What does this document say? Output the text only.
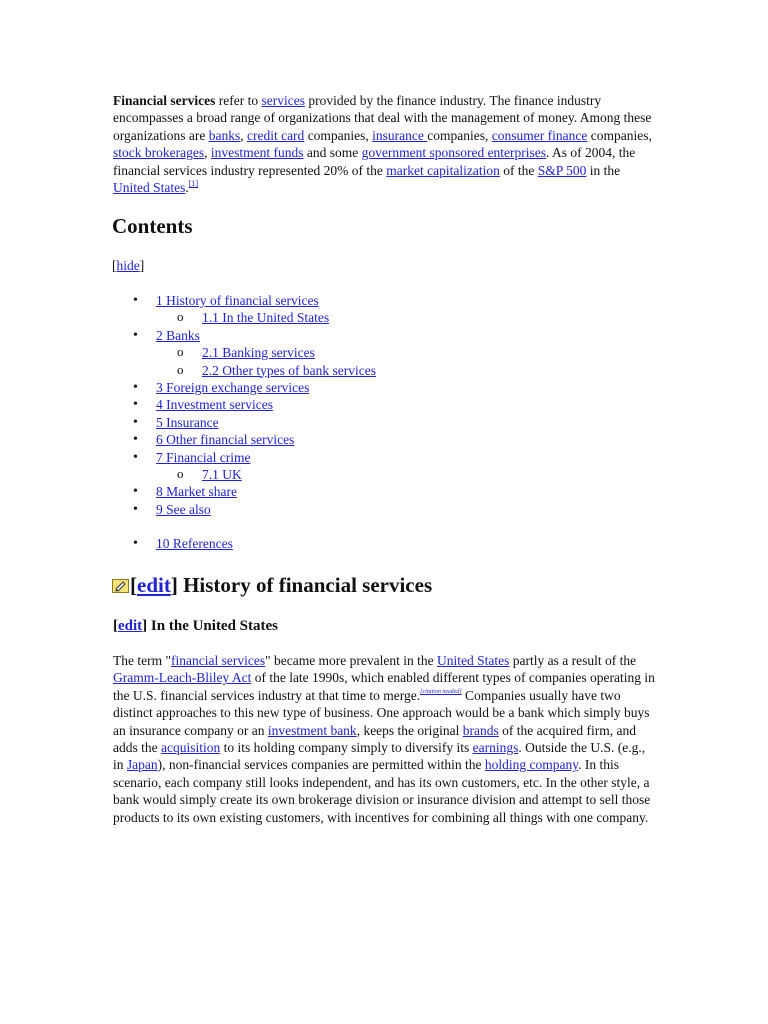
Financial services refer to services provided by the finance industry. The finance industry encompasses a broad range of organizations that deal with the management of money. Among these organizations are banks, credit card companies, insurance companies, consumer finance companies, stock brokerages, investment funds and some government sponsored enterprises. As of 2004, the financial services industry represented 20% of the market capitalization of the S&P 500 in the United States.[1]

Contents
[hide]
• 1 History of financial services
o 1.1 In the United States
• 2 Banks
o 2.1 Banking services
o 2.2 Other types of bank services
• 3 Foreign exchange services
• 4 Investment services
• 5 Insurance
• 6 Other financial services
• 7 Financial crime
o 7.1 UK
• 8 Market share
• 9 See also
• 10 References
[edit] History of financial services
[edit] In the United States

The term "financial services" became more prevalent in the United States partly as a result of the Gramm-Leach-Bliley Act of the late 1990s, which enabled different types of companies operating in the U.S. financial services industry at that time to merge.[citation needed] Companies usually have two distinct approaches to this new type of business. One approach would be a bank which simply buys an insurance company or an investment bank, keeps the original brands of the acquired firm, and adds the acquisition to its holding company simply to diversify its earnings. Outside the U.S. (e.g., in Japan), non-financial services companies are permitted within the holding company. In this scenario, each company still looks independent, and has its own customers, etc. In the other style, a bank would simply create its own brokerage division or insurance division and attempt to sell those products to its own existing customers, with incentives for combining all things with one company.
